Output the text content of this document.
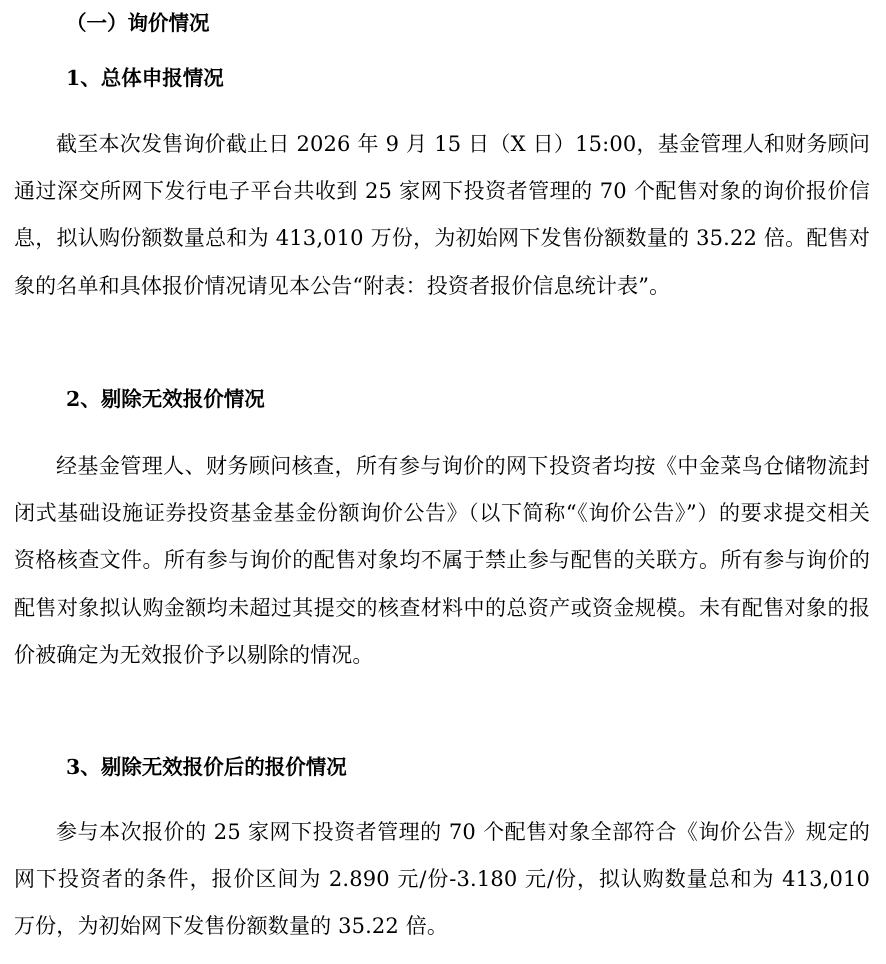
（一）询价情况
1、总体申报情况

截至本次发售询价截止日 2026 年 9 月 15 日（X 日）15:00，基金管理人和财务顾问通过深交所网下发行电子平台共收到 25 家网下投资者管理的 70 个配售对象的询价报价信息，拟认购份额数量总和为 413,010 万份，为初始网下发售份额数量的 35.22 倍。配售对象的名单和具体报价情况请见本公告“附表：投资者报价信息统计表”。

2、剔除无效报价情况

经基金管理人、财务顾问核查，所有参与询价的网下投资者均按《中金菜鸟仓储物流封闭式基础设施证券投资基金基金份额询价公告》（以下简称“《询价公告》”）的要求提交相关资格核查文件。所有参与询价的配售对象均不属于禁止参与配售的关联方。所有参与询价的配售对象拟认购金额均未超过其提交的核查材料中的总资产或资金规模。未有配售对象的报价被确定为无效报价予以剔除的情况。

3、剔除无效报价后的报价情况

参与本次报价的 25 家网下投资者管理的 70 个配售对象全部符合《询价公告》规定的网下投资者的条件，报价区间为 2.890 元/份-3.180 元/份，拟认购数量总和为 413,010 万份，为初始网下发售份额数量的 35.22 倍。
